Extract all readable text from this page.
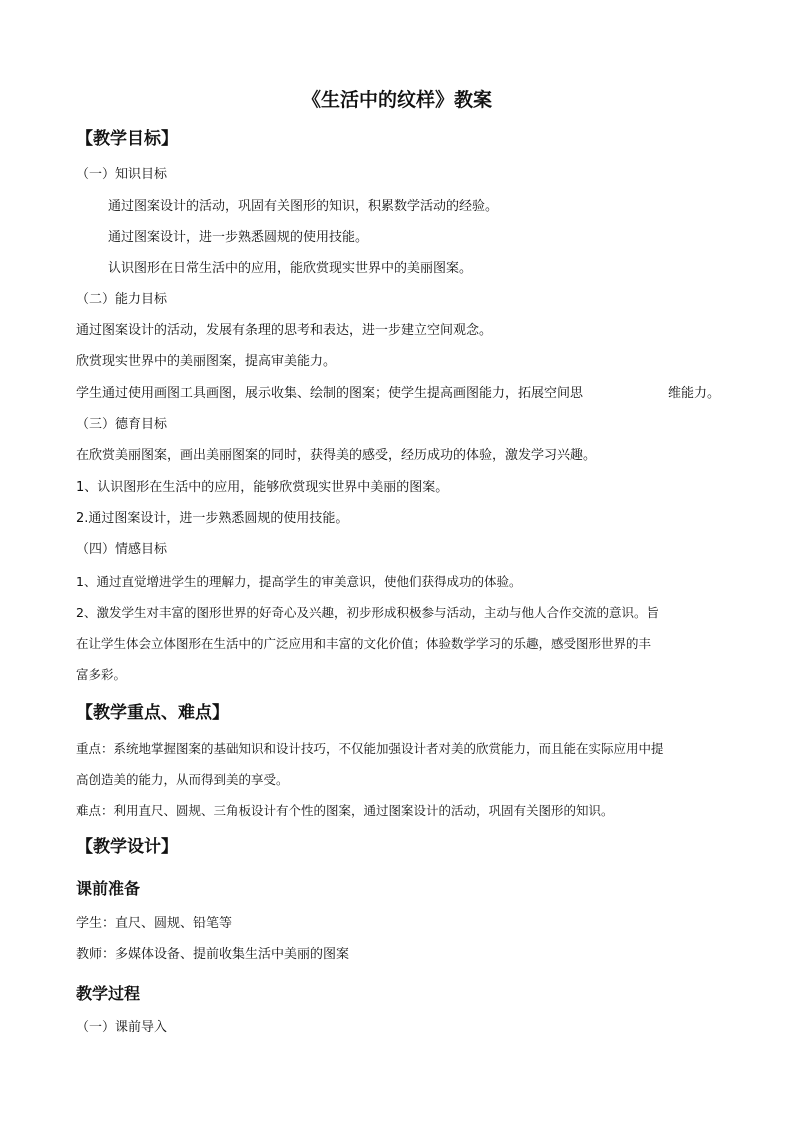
《生活中的纹样》教案
【教学目标】
（一）知识目标
通过图案设计的活动，巩固有关图形的知识，积累数学活动的经验。
通过图案设计，进一步熟悉圆规的使用技能。
认识图形在日常生活中的应用，能欣赏现实世界中的美丽图案。
（二）能力目标
通过图案设计的活动，发展有条理的思考和表达，进一步建立空间观念。
欣赏现实世界中的美丽图案，提高审美能力。
学生通过使用画图工具画图，展示收集、绘制的图案；使学生提高画图能力，拓展空间思	维能力。
（三）德育目标
在欣赏美丽图案，画出美丽图案的同时，获得美的感受，经历成功的体验，激发学习兴趣。
1、认识图形在生活中的应用，能够欣赏现实世界中美丽的图案。
2.通过图案设计，进一步熟悉圆规的使用技能。
（四）情感目标
1、通过直觉增进学生的理解力，提高学生的审美意识，使他们获得成功的体验。
2、激发学生对丰富的图形世界的好奇心及兴趣，初步形成积极参与活动，主动与他人合作交流的意识。旨
在让学生体会立体图形在生活中的广泛应用和丰富的文化价值；体验数学学习的乐趣，感受图形世界的丰
富多彩。
【教学重点、难点】
重点：系统地掌握图案的基础知识和设计技巧，不仅能加强设计者对美的欣赏能力，而且能在实际应用中提
高创造美的能力，从而得到美的享受。
难点：利用直尺、圆规、三角板设计有个性的图案，通过图案设计的活动，巩固有关图形的知识。
【教学设计】
课前准备
学生：直尺、圆规、铅笔等
教师：多媒体设备、提前收集生活中美丽的图案
教学过程
（一）课前导入
